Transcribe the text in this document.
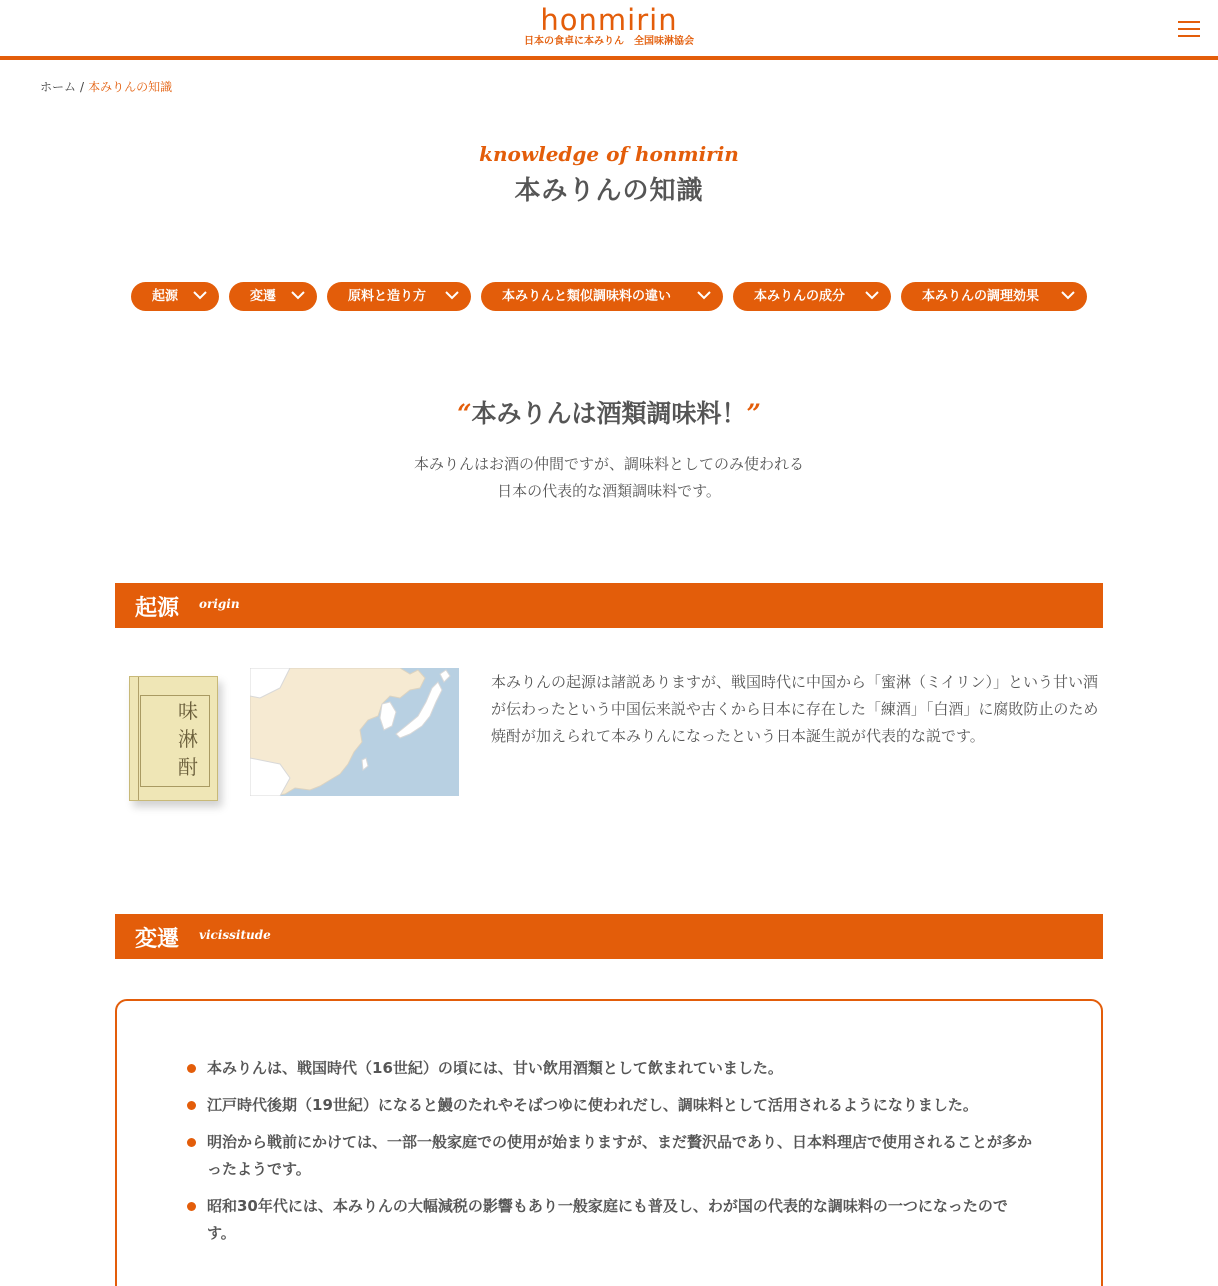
honmirin
日本の食卓に本みりん　全国味淋協会
ホーム / 本みりんの知識
knowledge of honmirin
本みりんの知識
起源	変遷	原料と造り方	本みりんと類似調味料の違い	本みりんの成分	本みりんの調理効果
“本みりんは酒類調味料！”
本みりんはお酒の仲間ですが、調味料としてのみ使われる
日本の代表的な酒類調味料です。
起源 origin
味淋酎

本みりんの起源は諸説ありますが、戦国時代に中国から「蜜淋（ミイリン）」という甘い酒が伝わったという中国伝来説や古くから日本に存在した「練酒」「白酒」に腐敗防止のため焼酎が加えられて本みりんになったという日本誕生説が代表的な説です。

変遷 vicissitude
本みりんは、戦国時代（16世紀）の頃には、甘い飲用酒類として飲まれていました。
江戸時代後期（19世紀）になると鰻のたれやそばつゆに使われだし、調味料として活用されるようになりました。
明治から戦前にかけては、一部一般家庭での使用が始まりますが、まだ贅沢品であり、日本料理店で使用されることが多かったようです。
昭和30年代には、本みりんの大幅減税の影響もあり一般家庭にも普及し、わが国の代表的な調味料の一つになったのです。
